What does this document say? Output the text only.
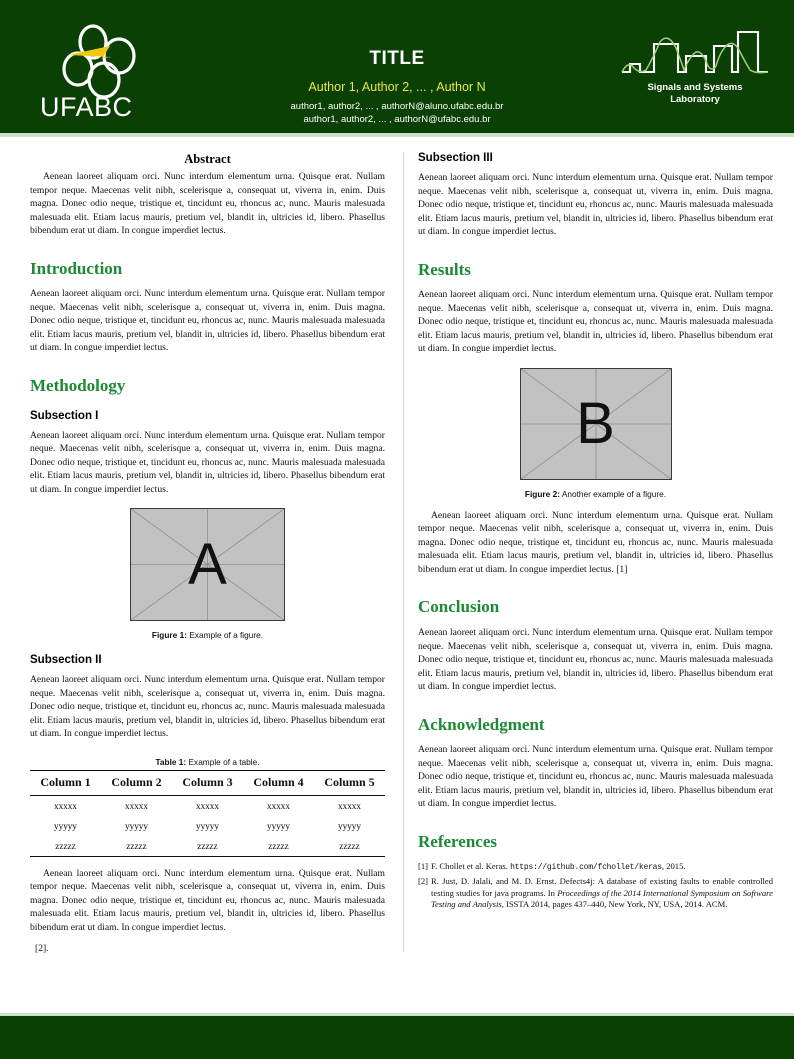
UFABC
TITLE
Author 1, Author 2, ... , Author N
author1, author2, ... , authorN@aluno.ufabc.edu.br
author1, author2, ... , authorN@ufabc.edu.br
Signals and Systems
Laboratory
Abstract

Aenean laoreet aliquam orci. Nunc interdum elementum urna. Quisque erat. Nullam tempor neque. Maecenas velit nibh, scelerisque a, consequat ut, viverra in, enim. Duis magna. Donec odio neque, tristique et, tincidunt eu, rhoncus ac, nunc. Mauris malesuada malesuada elit. Etiam lacus mauris, pretium vel, blandit in, ultricies id, libero. Phasellus bibendum erat ut diam. In congue imperdiet lectus.

Introduction

Aenean laoreet aliquam orci. Nunc interdum elementum urna. Quisque erat. Nullam tempor neque. Maecenas velit nibh, scelerisque a, consequat ut, viverra in, enim. Duis magna. Donec odio neque, tristique et, tincidunt eu, rhoncus ac, nunc. Mauris malesuada malesuada elit. Etiam lacus mauris, pretium vel, blandit in, ultricies id, libero. Phasellus bibendum erat ut diam. In congue imperdiet lectus.

Methodology
Subsection I

Aenean laoreet aliquam orci. Nunc interdum elementum urna. Quisque erat. Nullam tempor neque. Maecenas velit nibh, scelerisque a, consequat ut, viverra in, enim. Duis magna. Donec odio neque, tristique et, tincidunt eu, rhoncus ac, nunc. Mauris malesuada malesuada elit. Etiam lacus mauris, pretium vel, blandit in, ultricies id, libero. Phasellus bibendum erat ut diam. In congue imperdiet lectus.

A
Figure 1: Example of a figure.
Subsection II

Aenean laoreet aliquam orci. Nunc interdum elementum urna. Quisque erat. Nullam tempor neque. Maecenas velit nibh, scelerisque a, consequat ut, viverra in, enim. Duis magna. Donec odio neque, tristique et, tincidunt eu, rhoncus ac, nunc. Mauris malesuada malesuada elit. Etiam lacus mauris, pretium vel, blandit in, ultricies id, libero. Phasellus bibendum erat ut diam. In congue imperdiet lectus.

Table 1: Example of a table.
Column 1	Column 2	Column 3	Column 4	Column 5
xxxxx	xxxxx	xxxxx	xxxxx	xxxxx
yyyyy	yyyyy	yyyyy	yyyyy	yyyyy
zzzzz	zzzzz	zzzzz	zzzzz	zzzzz

Aenean laoreet aliquam orci. Nunc interdum elementum urna. Quisque erat. Nullam tempor neque. Maecenas velit nibh, scelerisque a, consequat ut, viverra in, enim. Duis magna. Donec odio neque, tristique et, tincidunt eu, rhoncus ac, nunc. Mauris malesuada malesuada elit. Etiam lacus mauris, pretium vel, blandit in, ultricies id, libero. Phasellus bibendum erat ut diam. In congue imperdiet lectus.

[2].

Subsection III

Aenean laoreet aliquam orci. Nunc interdum elementum urna. Quisque erat. Nullam tempor neque. Maecenas velit nibh, scelerisque a, consequat ut, viverra in, enim. Duis magna. Donec odio neque, tristique et, tincidunt eu, rhoncus ac, nunc. Mauris malesuada malesuada elit. Etiam lacus mauris, pretium vel, blandit in, ultricies id, libero. Phasellus bibendum erat ut diam. In congue imperdiet lectus.

Results

Aenean laoreet aliquam orci. Nunc interdum elementum urna. Quisque erat. Nullam tempor neque. Maecenas velit nibh, scelerisque a, consequat ut, viverra in, enim. Duis magna. Donec odio neque, tristique et, tincidunt eu, rhoncus ac, nunc. Mauris malesuada malesuada elit. Etiam lacus mauris, pretium vel, blandit in, ultricies id, libero. Phasellus bibendum erat ut diam. In congue imperdiet lectus.

B
Figure 2: Another example of a figure.

Aenean laoreet aliquam orci. Nunc interdum elementum urna. Quisque erat. Nullam tempor neque. Maecenas velit nibh, scelerisque a, consequat ut, viverra in, enim. Duis magna. Donec odio neque, tristique et, tincidunt eu, rhoncus ac, nunc. Mauris malesuada malesuada elit. Etiam lacus mauris, pretium vel, blandit in, ultricies id, libero. Phasellus bibendum erat ut diam. In congue imperdiet lectus. [1]

Conclusion

Aenean laoreet aliquam orci. Nunc interdum elementum urna. Quisque erat. Nullam tempor neque. Maecenas velit nibh, scelerisque a, consequat ut, viverra in, enim. Duis magna. Donec odio neque, tristique et, tincidunt eu, rhoncus ac, nunc. Mauris malesuada malesuada elit. Etiam lacus mauris, pretium vel, blandit in, ultricies id, libero. Phasellus bibendum erat ut diam. In congue imperdiet lectus.

Acknowledgment

Aenean laoreet aliquam orci. Nunc interdum elementum urna. Quisque erat. Nullam tempor neque. Maecenas velit nibh, scelerisque a, consequat ut, viverra in, enim. Duis magna. Donec odio neque, tristique et, tincidunt eu, rhoncus ac, nunc. Mauris malesuada malesuada elit. Etiam lacus mauris, pretium vel, blandit in, ultricies id, libero. Phasellus bibendum erat ut diam. In congue imperdiet lectus.

References
[1] F. Chollet et al. Keras. https://github.com/fchollet/keras, 2015.
[2] R. Just, D. Jalali, and M. D. Ernst. Defects4j: A database of existing faults to enable controlled testing studies for java programs. In Proceedings of the 2014 International Symposium on Software Testing and Analysis, ISSTA 2014, pages 437–440, New York, NY, USA, 2014. ACM.
